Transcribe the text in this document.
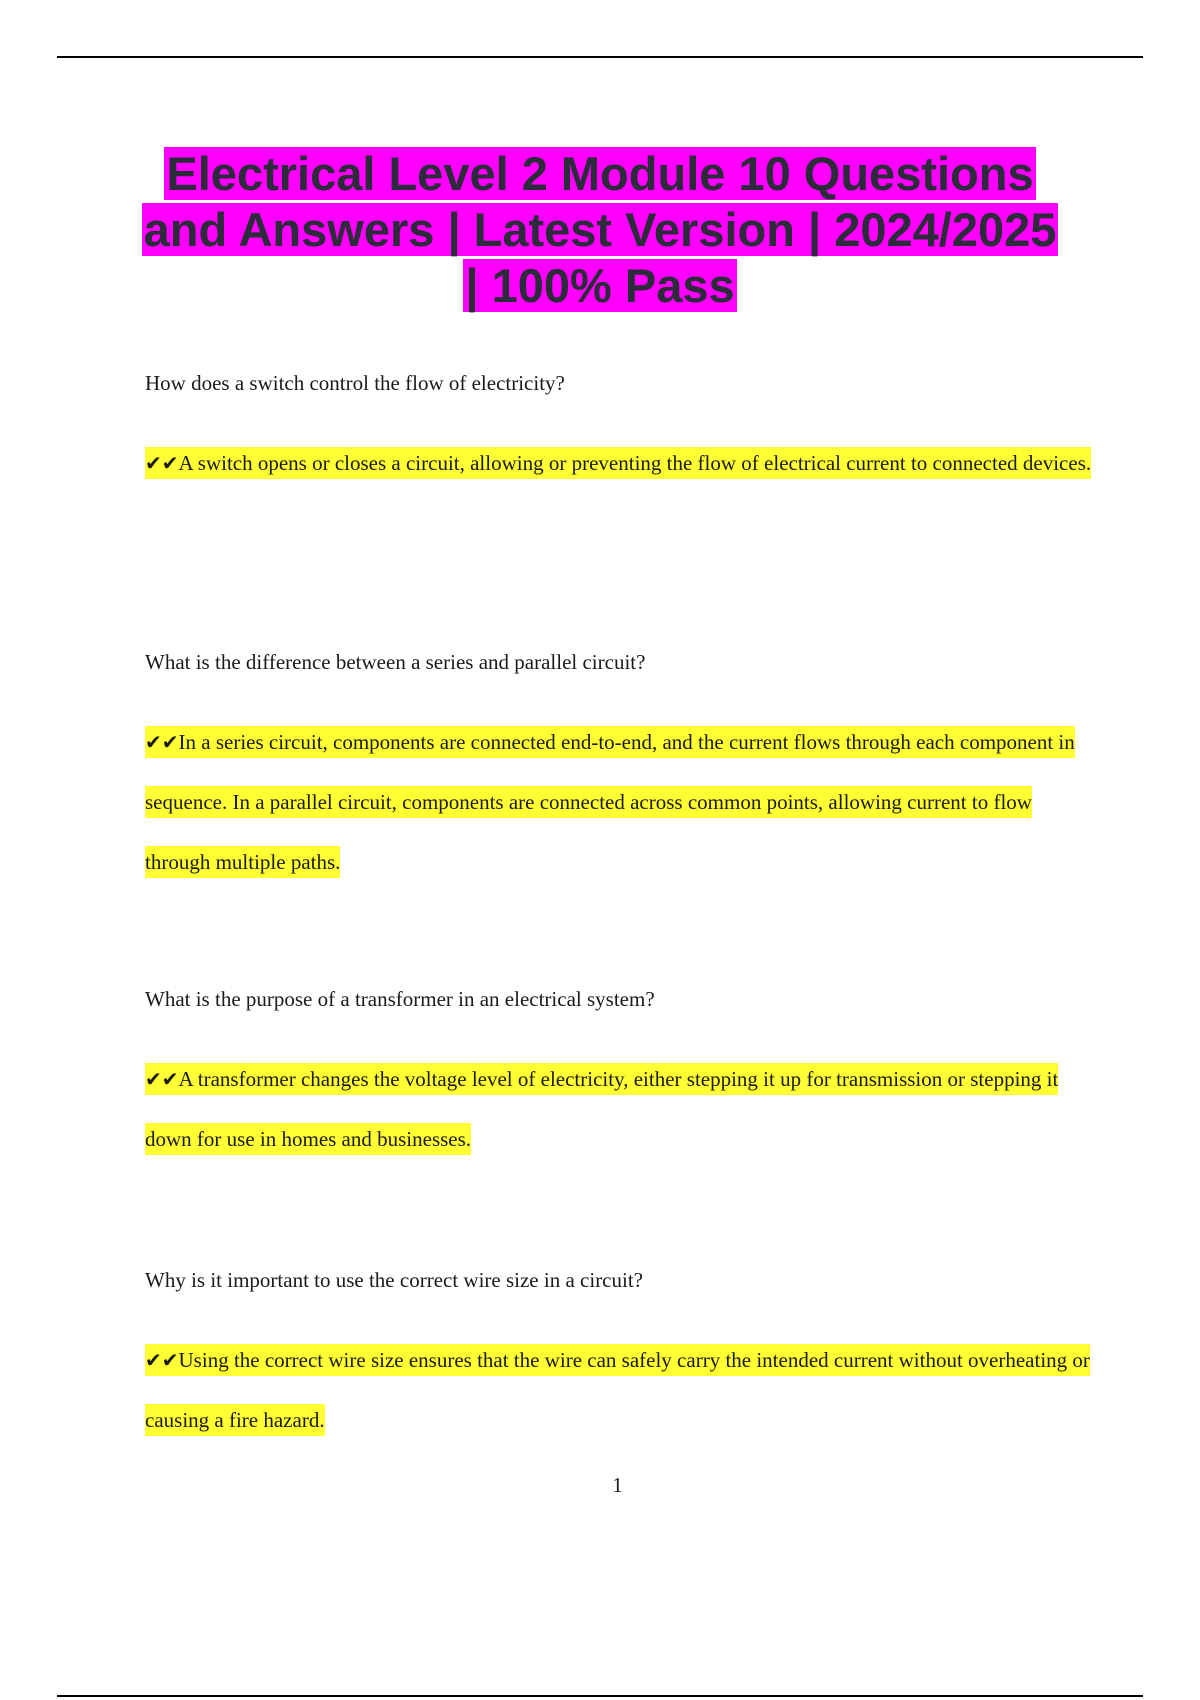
Electrical Level 2 Module 10 Questions and Answers | Latest Version | 2024/2025 | 100% Pass

How does a switch control the flow of electricity?

✔✔A switch opens or closes a circuit, allowing or preventing the flow of electrical current to connected devices.

What is the difference between a series and parallel circuit?

✔✔In a series circuit, components are connected end-to-end, and the current flows through each component in sequence. In a parallel circuit, components are connected across common points, allowing current to flow through multiple paths.

What is the purpose of a transformer in an electrical system?

✔✔A transformer changes the voltage level of electricity, either stepping it up for transmission or stepping it down for use in homes and businesses.

Why is it important to use the correct wire size in a circuit?

✔✔Using the correct wire size ensures that the wire can safely carry the intended current without overheating or causing a fire hazard.

1
